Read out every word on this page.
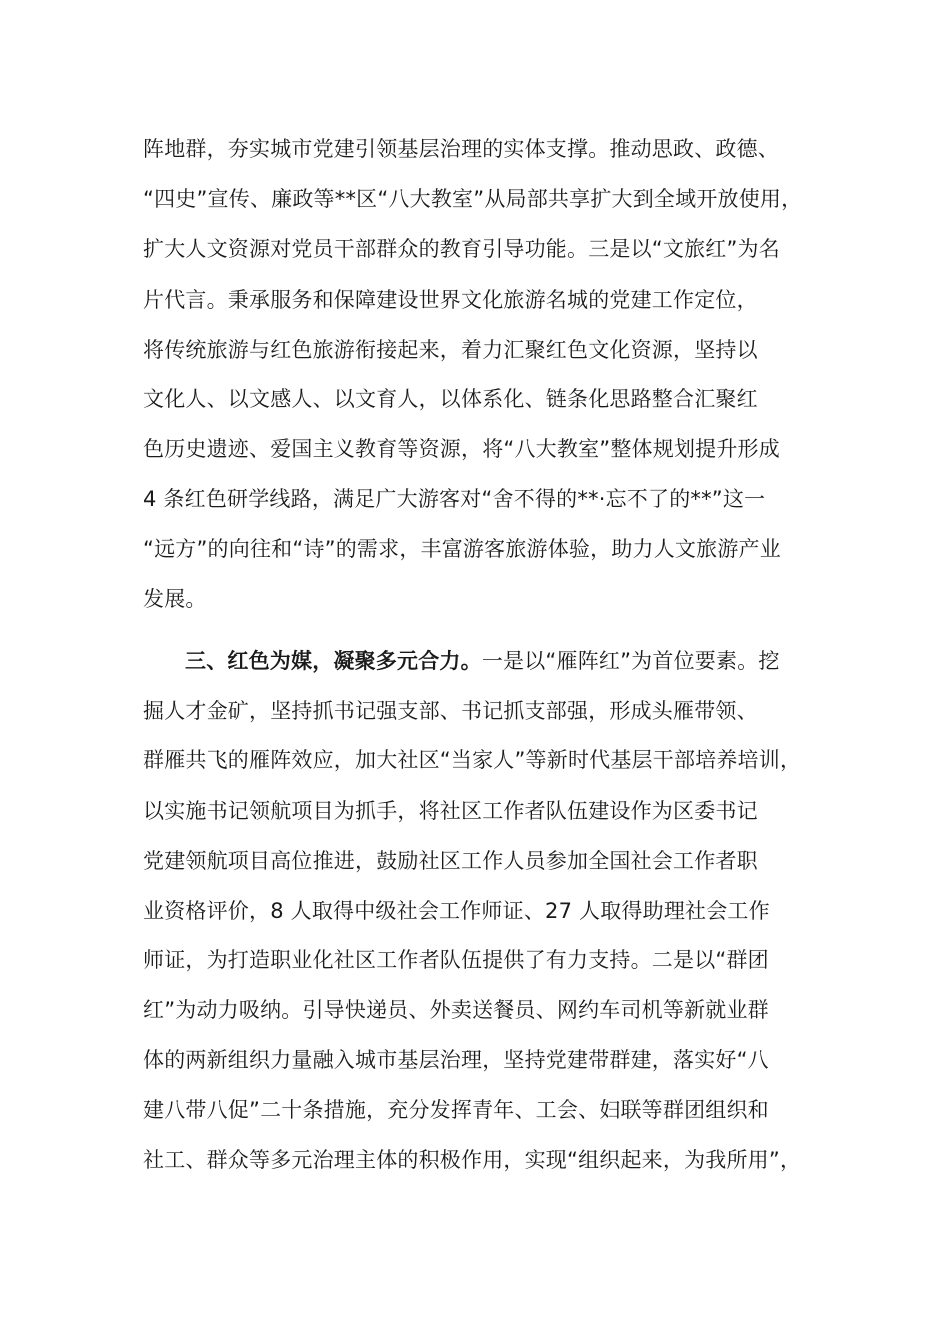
阵地群，夯实城市党建引领基层治理的实体支撑。推动思政、政德、
“四史”宣传、廉政等**区“八大教室”从局部共享扩大到全域开放使用，
扩大人文资源对党员干部群众的教育引导功能。三是以“文旅红”为名
片代言。秉承服务和保障建设世界文化旅游名城的党建工作定位，
将传统旅游与红色旅游衔接起来，着力汇聚红色文化资源，坚持以
文化人、以文感人、以文育人，以体系化、链条化思路整合汇聚红
色历史遗迹、爱国主义教育等资源，将“八大教室”整体规划提升形成
4 条红色研学线路，满足广大游客对“舍不得的**·忘不了的**”这一
“远方”的向往和“诗”的需求，丰富游客旅游体验，助力人文旅游产业
发展。
三、红色为媒，凝聚多元合力。一是以“雁阵红”为首位要素。挖
掘人才金矿，坚持抓书记强支部、书记抓支部强，形成头雁带领、
群雁共飞的雁阵效应，加大社区“当家人”等新时代基层干部培养培训，
以实施书记领航项目为抓手，将社区工作者队伍建设作为区委书记
党建领航项目高位推进，鼓励社区工作人员参加全国社会工作者职
业资格评价，8 人取得中级社会工作师证、27 人取得助理社会工作
师证，为打造职业化社区工作者队伍提供了有力支持。二是以“群团
红”为动力吸纳。引导快递员、外卖送餐员、网约车司机等新就业群
体的两新组织力量融入城市基层治理，坚持党建带群建，落实好“八
建八带八促”二十条措施，充分发挥青年、工会、妇联等群团组织和
社工、群众等多元治理主体的积极作用，实现“组织起来，为我所用”，
